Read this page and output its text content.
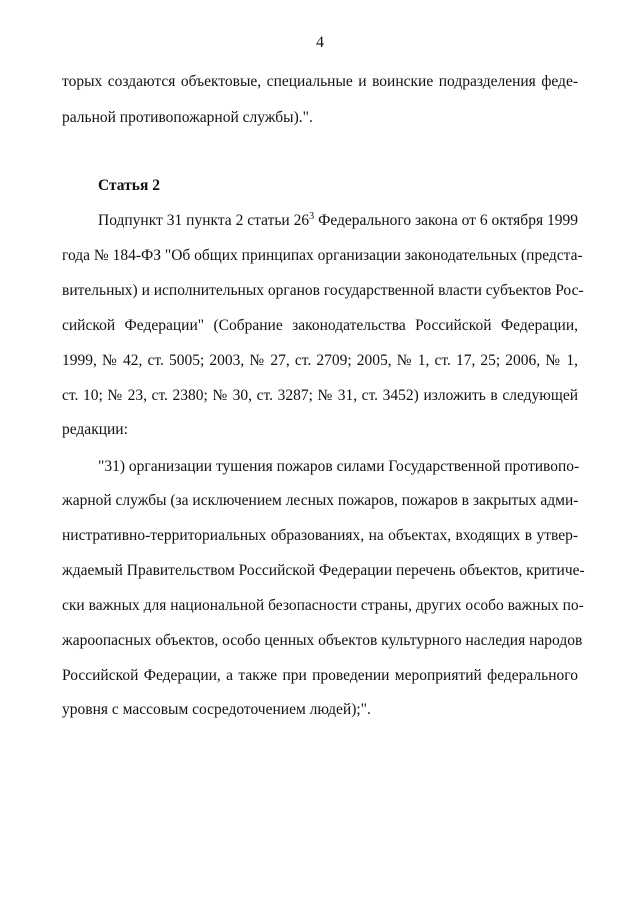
4
торых создаются объектовые, специальные и воинские подразделения феде-
ральной противопожарной службы).".
Статья 2
Подпункт 31 пункта 2 статьи $26^3$ Федерального закона от 6 октября 1999
года № 184-ФЗ "Об общих принципах организации законодательных (предста-
вительных) и исполнительных органов государственной власти субъектов Рос-
сийской Федерации" (Собрание законодательства Российской Федерации,
1999, № 42, ст. 5005; 2003, № 27, ст. 2709; 2005, № 1, ст. 17, 25; 2006, № 1,
ст. 10; № 23, ст. 2380; № 30, ст. 3287; № 31, ст. 3452) изложить в следующей
редакции:
"31) организации тушения пожаров силами Государственной противопо-
жарной службы (за исключением лесных пожаров, пожаров в закрытых адми-
нистративно-территориальных образованиях, на объектах, входящих в утвер-
ждаемый Правительством Российской Федерации перечень объектов, критиче-
ски важных для национальной безопасности страны, других особо важных по-
жароопасных объектов, особо ценных объектов культурного наследия народов
Российской Федерации, а также при проведении мероприятий федерального
уровня с массовым сосредоточением людей);".
